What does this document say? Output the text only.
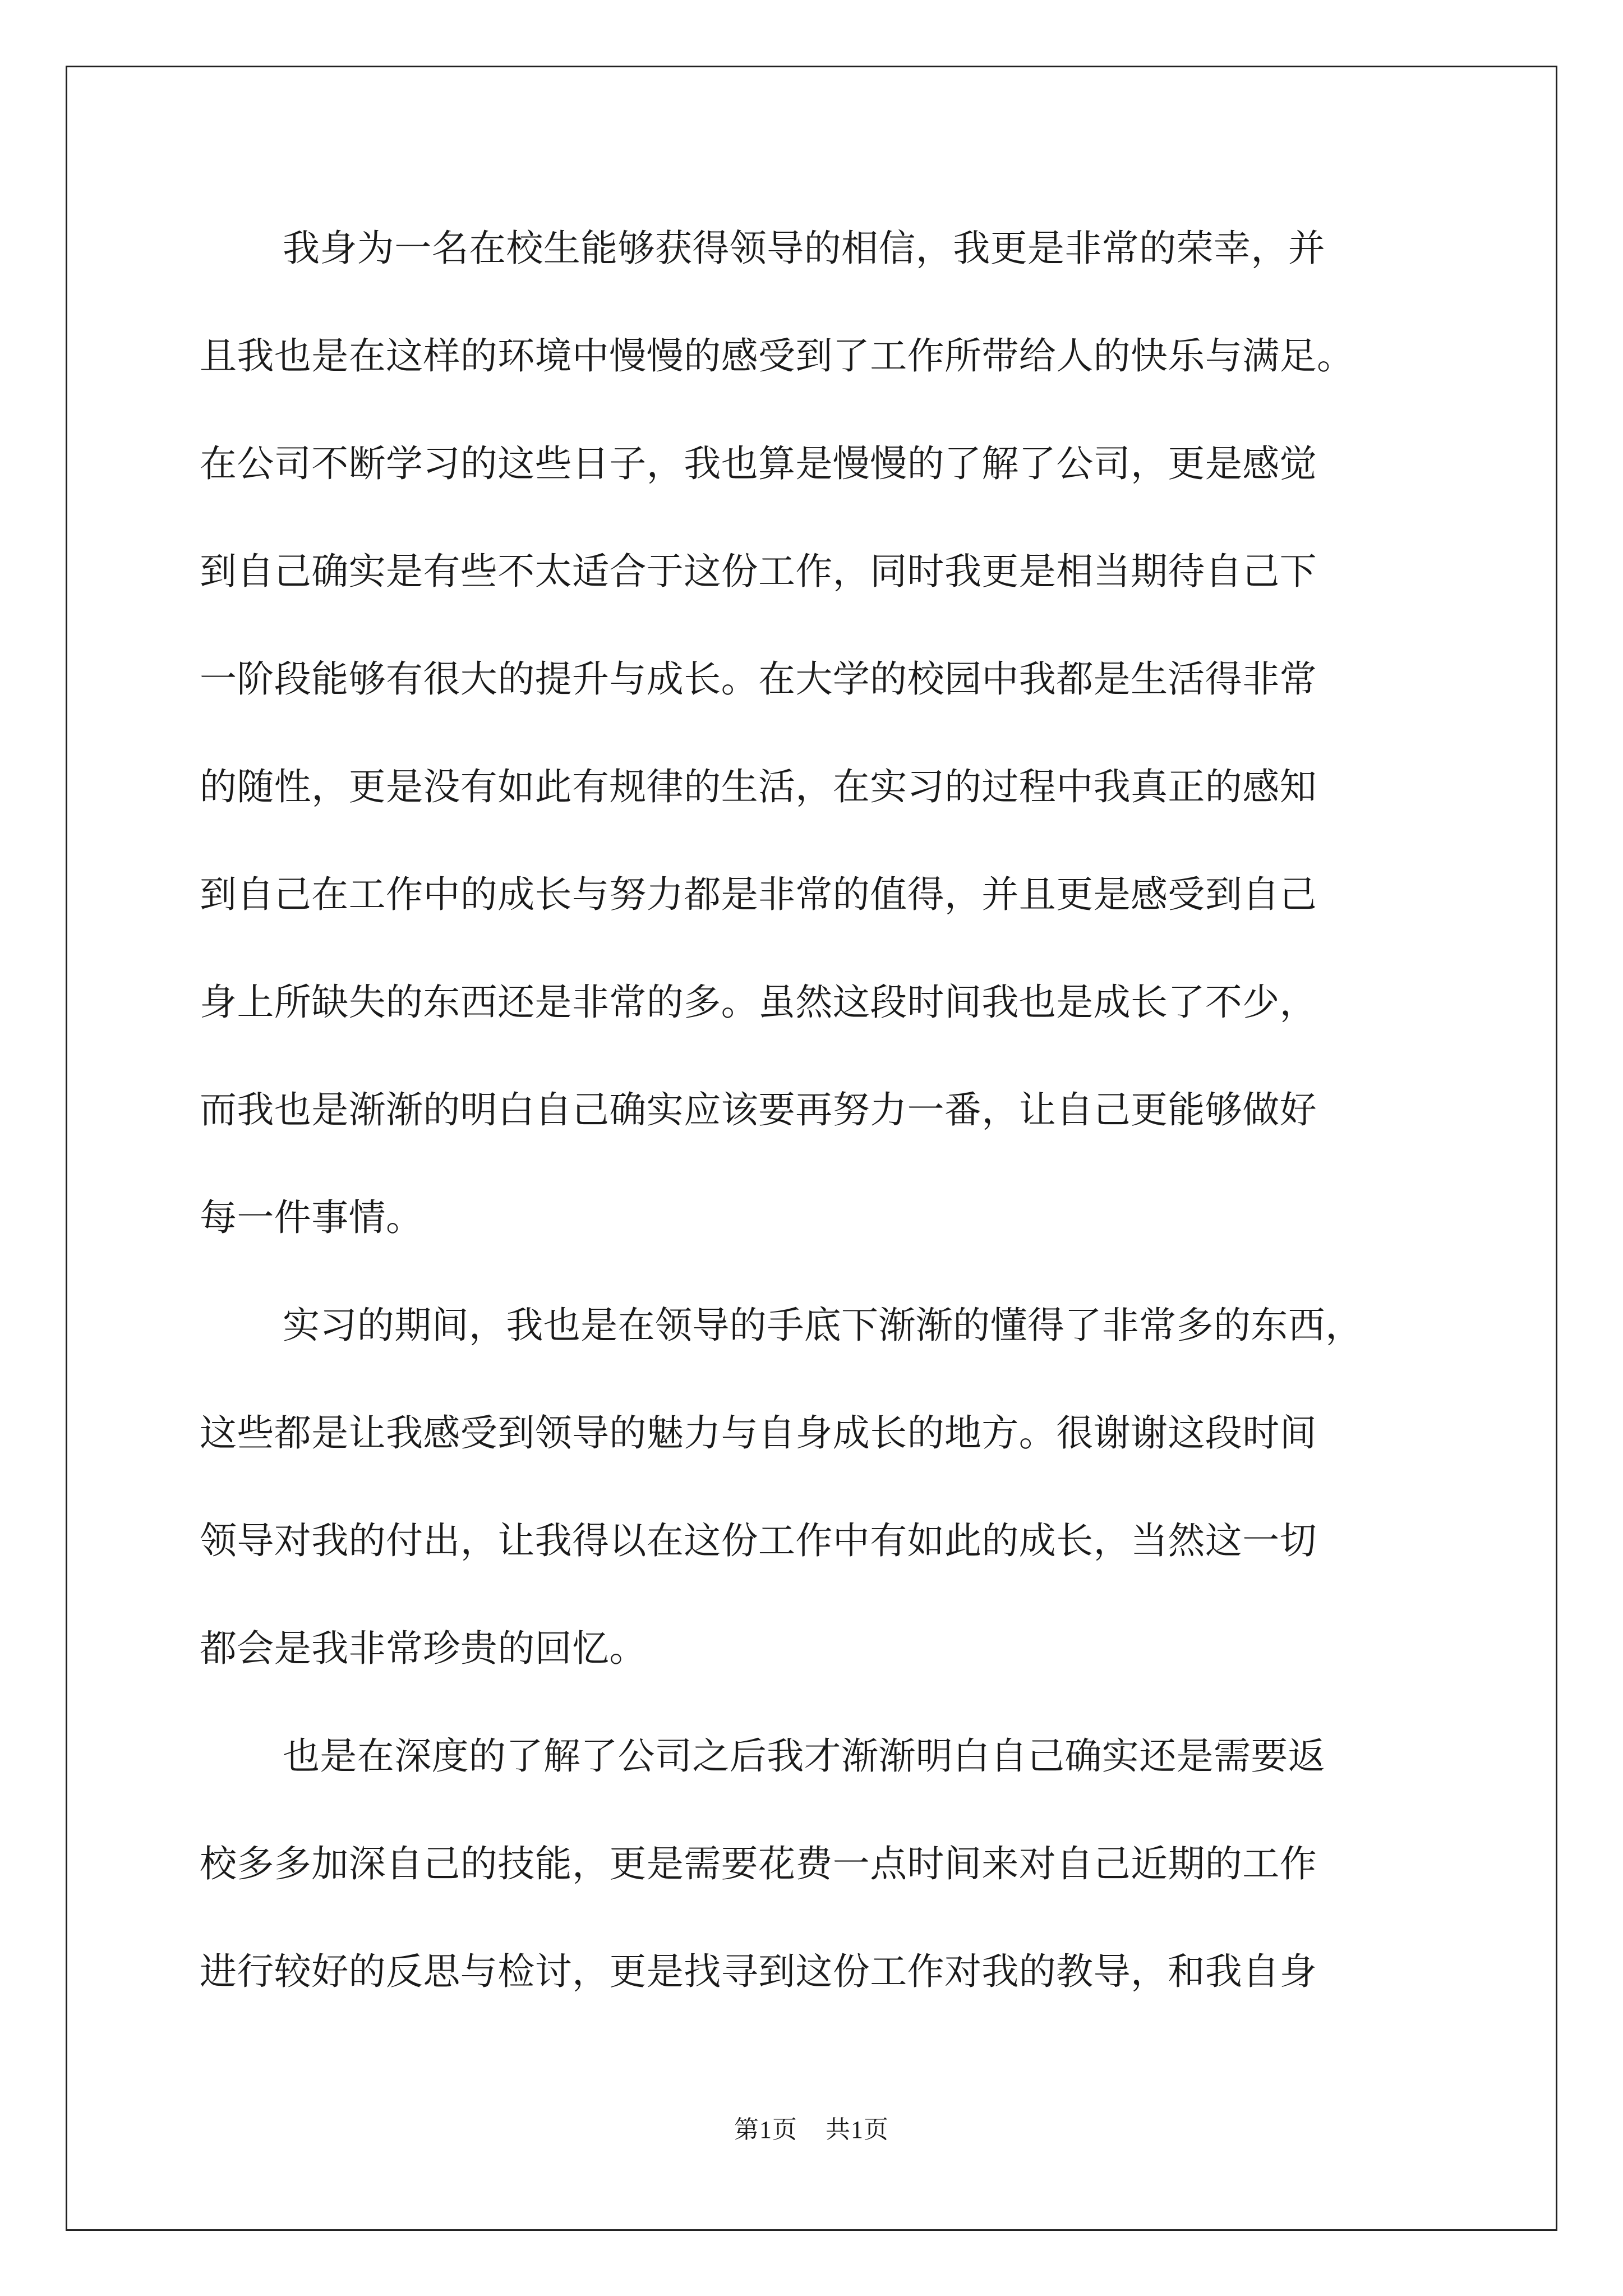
我身为一名在校生能够获得领导的相信，我更是非常的荣幸，并
且我也是在这样的环境中慢慢的感受到了工作所带给人的快乐与满足。
在公司不断学习的这些日子，我也算是慢慢的了解了公司，更是感觉
到自己确实是有些不太适合于这份工作，同时我更是相当期待自己下
一阶段能够有很大的提升与成长。在大学的校园中我都是生活得非常
的随性，更是没有如此有规律的生活，在实习的过程中我真正的感知
到自己在工作中的成长与努力都是非常的值得，并且更是感受到自己
身上所缺失的东西还是非常的多。虽然这段时间我也是成长了不少，
而我也是渐渐的明白自己确实应该要再努力一番，让自己更能够做好
每一件事情。
实习的期间，我也是在领导的手底下渐渐的懂得了非常多的东西，
这些都是让我感受到领导的魅力与自身成长的地方。很谢谢这段时间
领导对我的付出，让我得以在这份工作中有如此的成长，当然这一切
都会是我非常珍贵的回忆。
也是在深度的了解了公司之后我才渐渐明白自己确实还是需要返
校多多加深自己的技能，更是需要花费一点时间来对自己近期的工作
进行较好的反思与检讨，更是找寻到这份工作对我的教导，和我自身
第1页 共1页
